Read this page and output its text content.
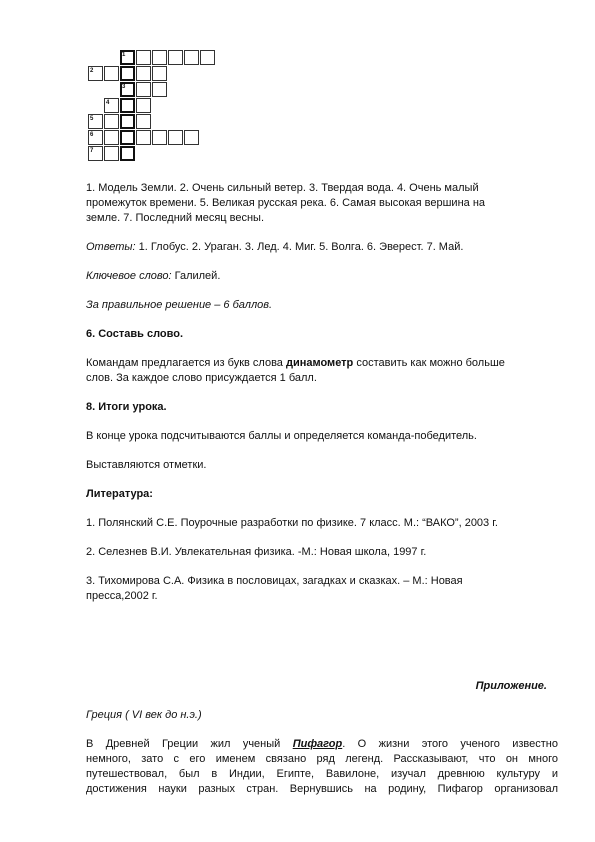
1
2
3
4
5
6
7

1. Модель Земли. 2. Очень сильный ветер. 3. Твердая вода. 4. Очень малый

промежуток времени. 5. Великая русская река. 6. Самая высокая вершина на

земле. 7. Последний месяц весны.

Ответы: 1. Глобус. 2. Ураган. 3. Лед. 4. Миг. 5. Волга. 6. Эверест. 7. Май.

Ключевое слово: Галилей.

За правильное решение – 6 баллов.

6. Составь слово.

Командам предлагается из букв слова динамометр составить как можно больше

слов. За каждое слово присуждается 1 балл.

8. Итоги урока.

В конце урока подсчитываются баллы и определяется команда-победитель.

Выставляются отметки.

Литература:

1. Полянский С.Е. Поурочные разработки по физике. 7 класс. М.: “ВАКО”, 2003 г.

2. Селезнев В.И. Увлекательная физика. -М.: Новая школа, 1997 г.

3. Тихомирова С.А. Физика в пословицах, загадках и сказках. – М.: Новая

пресса,2002 г.

Приложение.

Греция ( VI век до н.э.)

В Древней Греции жил ученый Пифагор. О жизни этого ученого известно

немного, зато с его именем связано ряд легенд. Рассказывают, что он много

путешествовал, был в Индии, Египте, Вавилоне, изучал древнюю культуру и

достижения науки разных стран. Вернувшись на родину, Пифагор организовал
